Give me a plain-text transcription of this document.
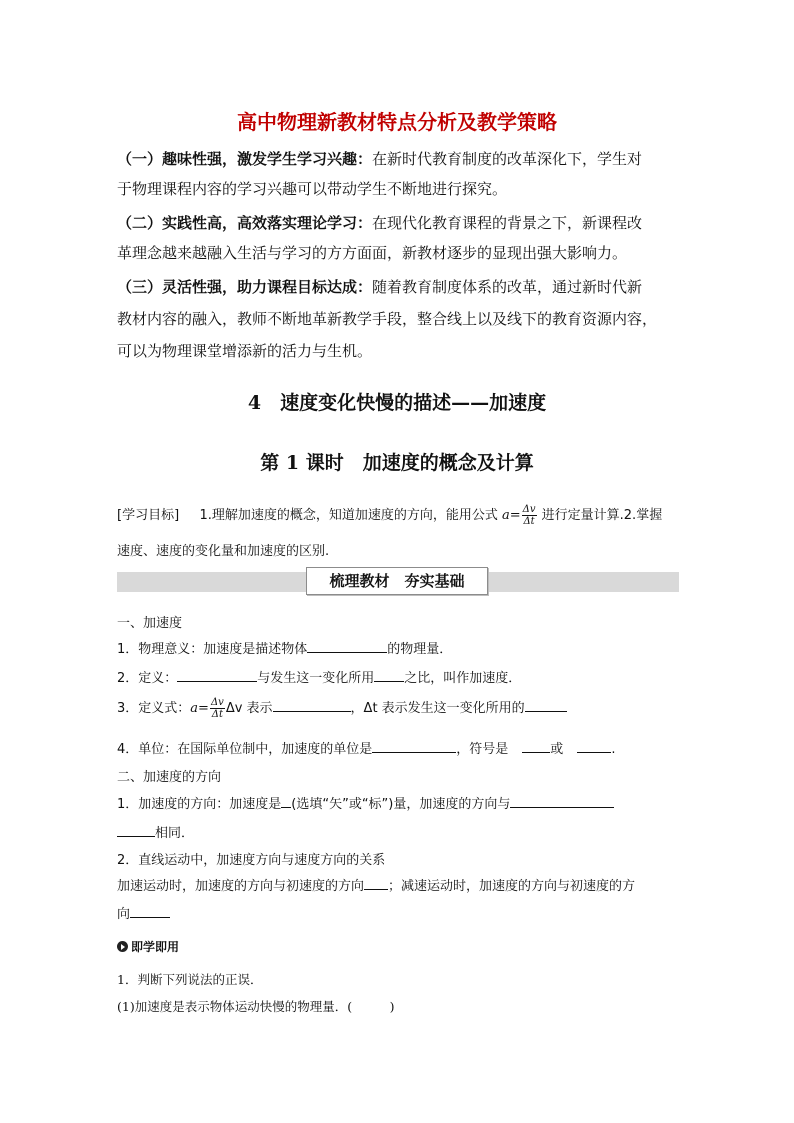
高中物理新教材特点分析及教学策略
（一）趣味性强，激发学生学习兴趣：在新时代教育制度的改革深化下，学生对
于物理课程内容的学习兴趣可以带动学生不断地进行探究。
（二）实践性高，高效落实理论学习：在现代化教育课程的背景之下，新课程改
革理念越来越融入生活与学习的方方面面，新教材逐步的显现出强大影响力。
（三）灵活性强，助力课程目标达成：随着教育制度体系的改革，通过新时代新
教材内容的融入，教师不断地革新教学手段，整合线上以及线下的教育资源内容，
可以为物理课堂增添新的活力与生机。
4　速度变化快慢的描述——加速度
第 1 课时　加速度的概念及计算
[学习目标] 1.理解加速度的概念，知道加速度的方向，能用公式 $a= \frac{\Delta v}{\Delta t}$ 进行定量计算.2.掌握
速度、速度的变化量和加速度的区别.
梳理教材　夯实基础
一、加速度
1．物理意义：加速度是描述物体	的物理量．
2．定义：	与发生这一变化所用 之比，叫作加速度．
3．定义式：$a= \frac{\Delta v}{\Delta t}$ Δv 表示	，Δt 表示发生这一变化所用的
4．单位：在国际单位制中，加速度的单位是	，符号是	或	.
二、加速度的方向
1．加速度的方向：加速度是 (选填“矢”或“标”)量，加速度的方向与
相同．
2．直线运动中，加速度方向与速度方向的关系
加速运动时，加速度的方向与初速度的方向 ；减速运动时，加速度的方向与初速度的方
向
即学即用
1．判断下列说法的正误．
(1)加速度是表示物体运动快慢的物理量．(　　　)
